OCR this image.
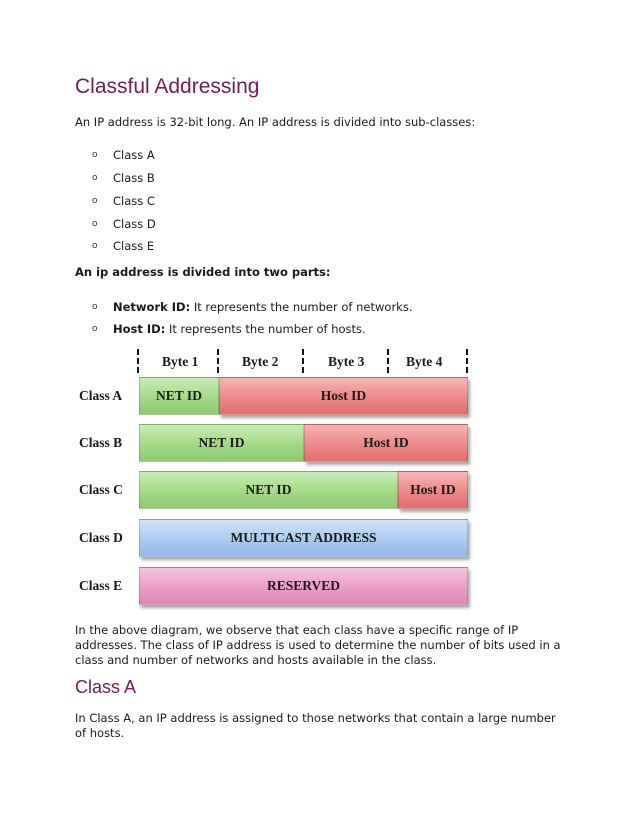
Classful Addressing

An IP address is 32-bit long. An IP address is divided into sub-classes:

o Class A
o Class B
o Class C
o Class D
o Class E

An ip address is divided into two parts:

o Network ID: It represents the number of networks.
o Host ID: It represents the number of hosts.
Byte 1	Byte 2	Byte 3	Byte 4
Class A	NET ID	Host ID
Class B	NET ID	Host ID
Class C	NET ID	Host ID
Class D	MULTICAST ADDRESS
Class E	RESERVED

In the above diagram, we observe that each class have a specific range of IP addresses. The class of IP address is used to determine the number of bits used in a class and number of networks and hosts available in the class.

Class A

In Class A, an IP address is assigned to those networks that contain a large number of hosts.
